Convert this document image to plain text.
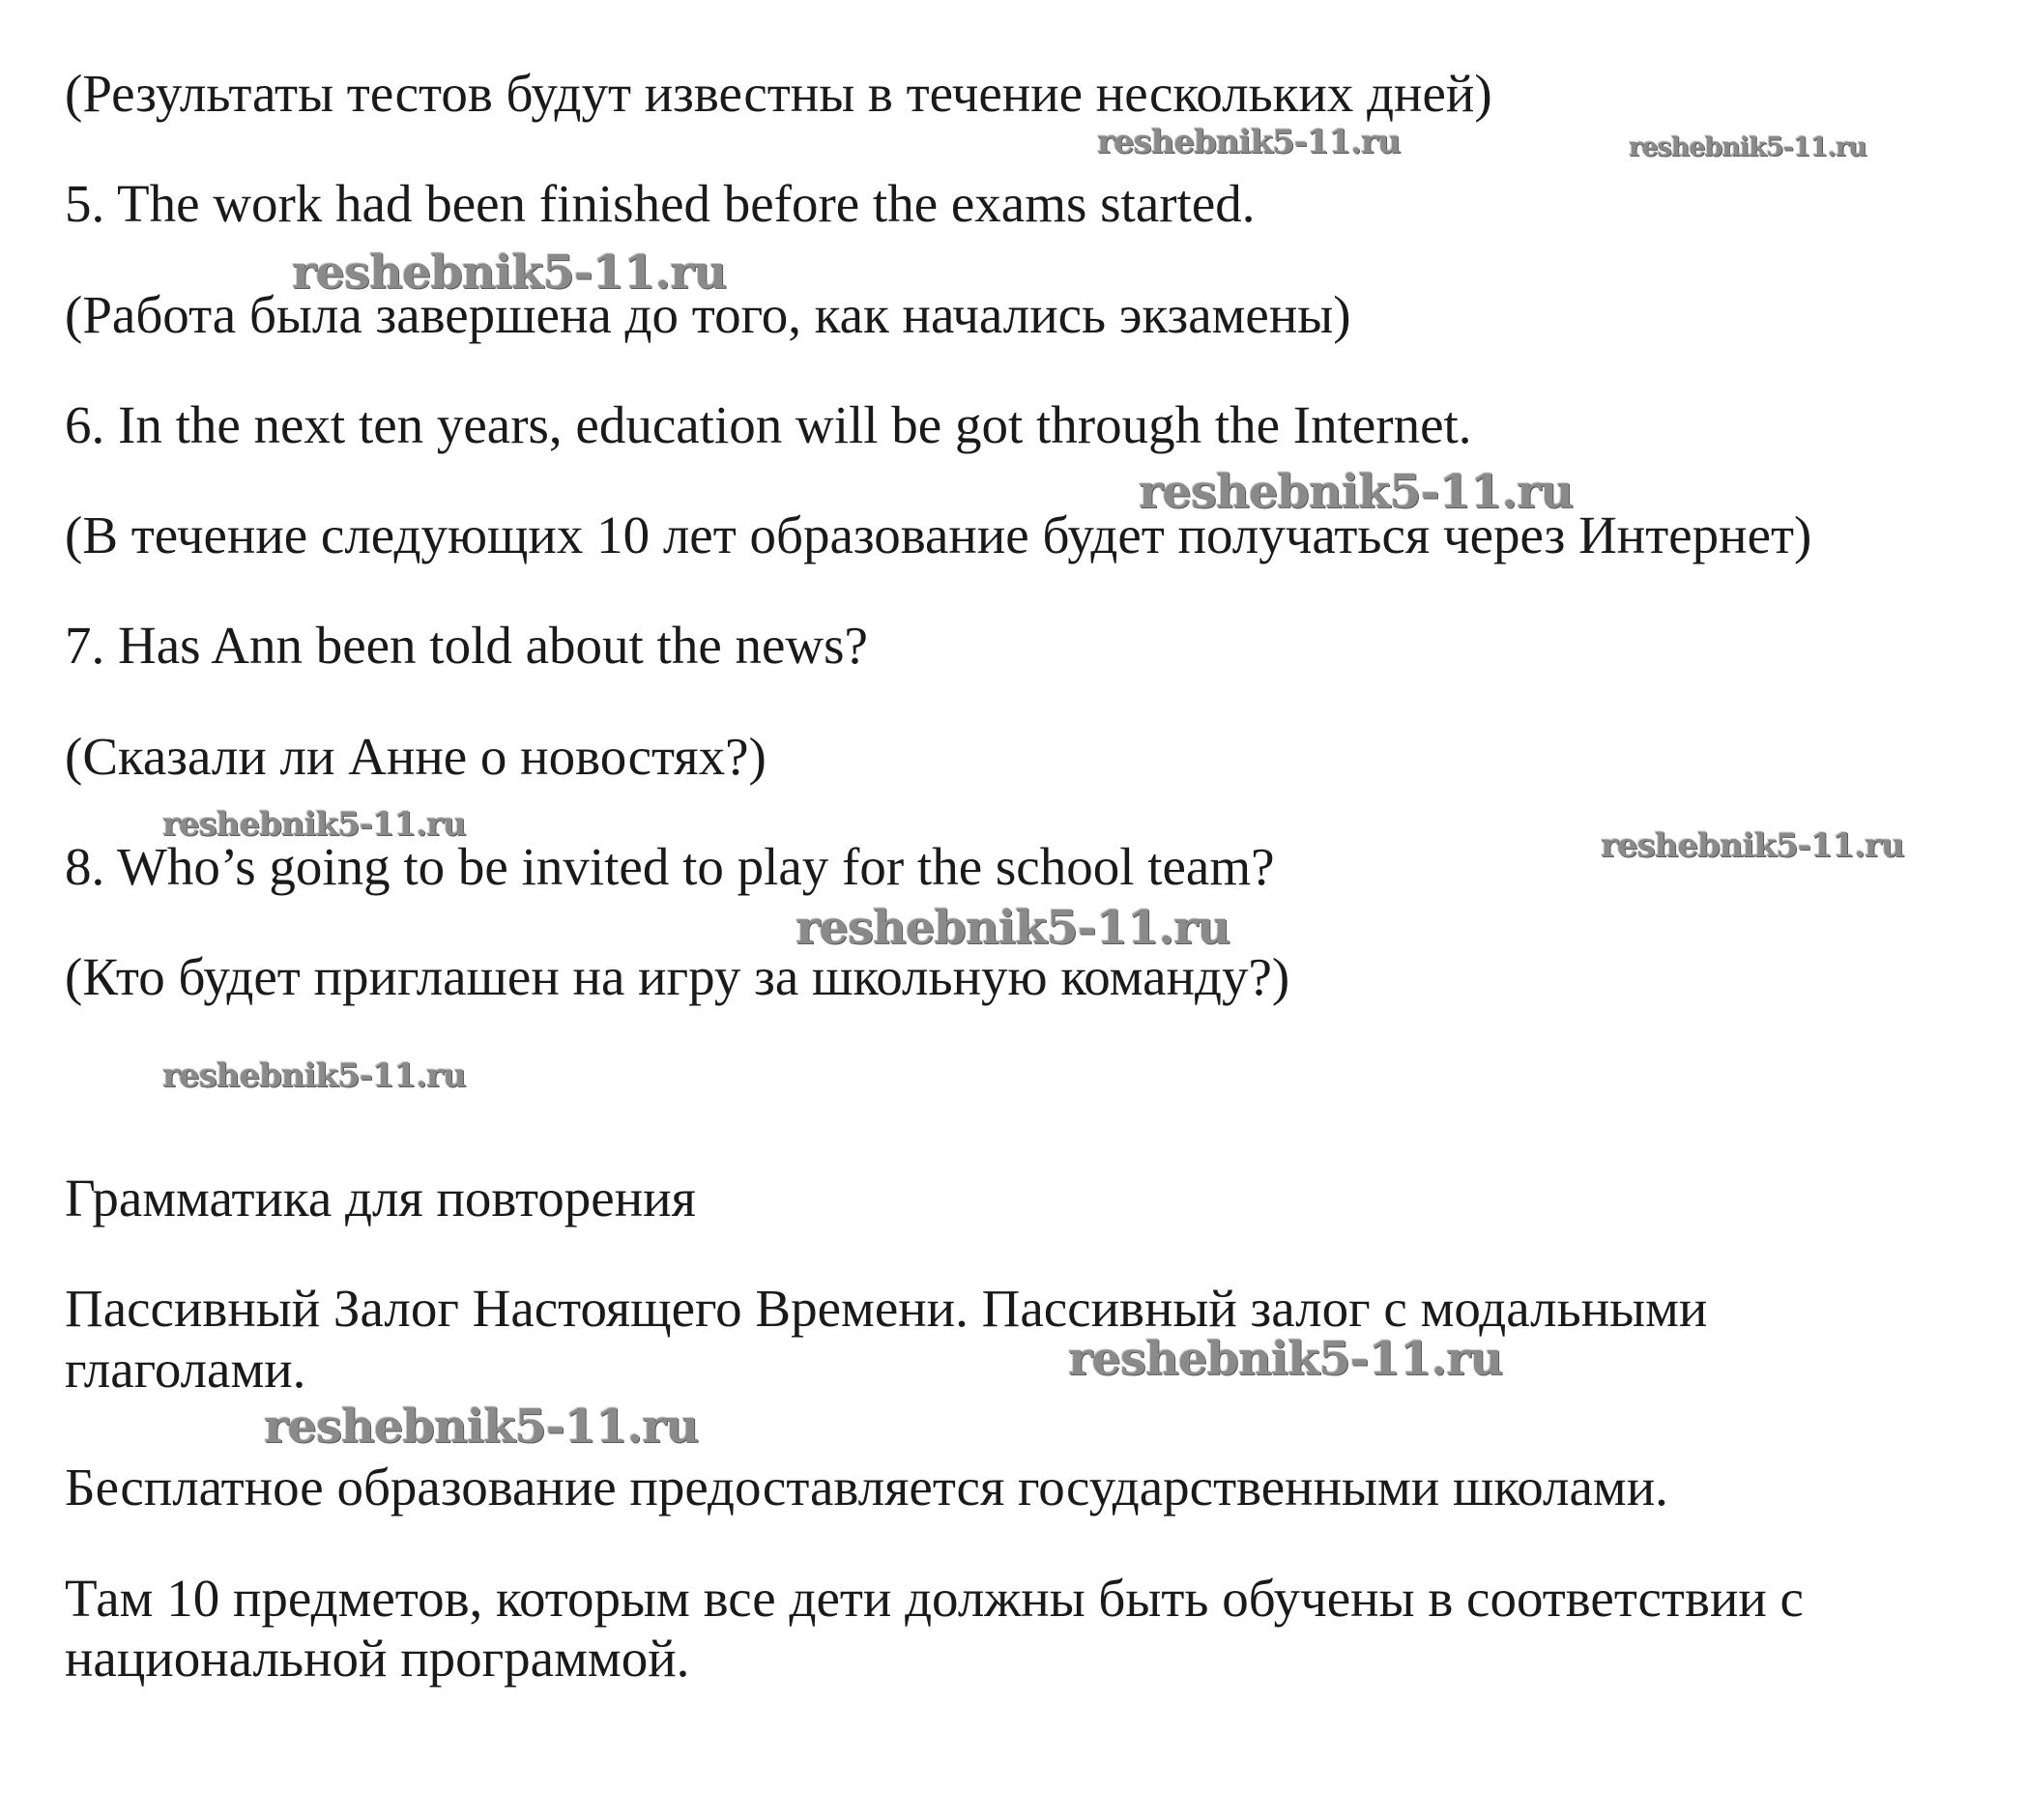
(Результаты тестов будут известны в течение нескольких дней)
5. The work had been finished before the exams started.
(Работа была завершена до того, как начались экзамены)
6. In the next ten years, education will be got through the Internet.
(В течение следующих 10 лет образование будет получаться через Интернет)
7. Has Ann been told about the news?
(Сказали ли Анне о новостях?)
8. Who’s going to be invited to play for the school team?
(Кто будет приглашен на игру за школьную команду?)
Грамматика для повторения
Пассивный Залог Настоящего Времени. Пассивный залог с модальными
глаголами.
Бесплатное образование предоставляется государственными школами.
Там 10 предметов, которым все дети должны быть обучены в соответствии с
национальной программой.
reshebnik5-11.ru	reshebnik5-11.ru
reshebnik5-11.ru
reshebnik5-11.ru
reshebnik5-11.ru
reshebnik5-11.ru
reshebnik5-11.ru
reshebnik5-11.ru
reshebnik5-11.ru
reshebnik5-11.ru
